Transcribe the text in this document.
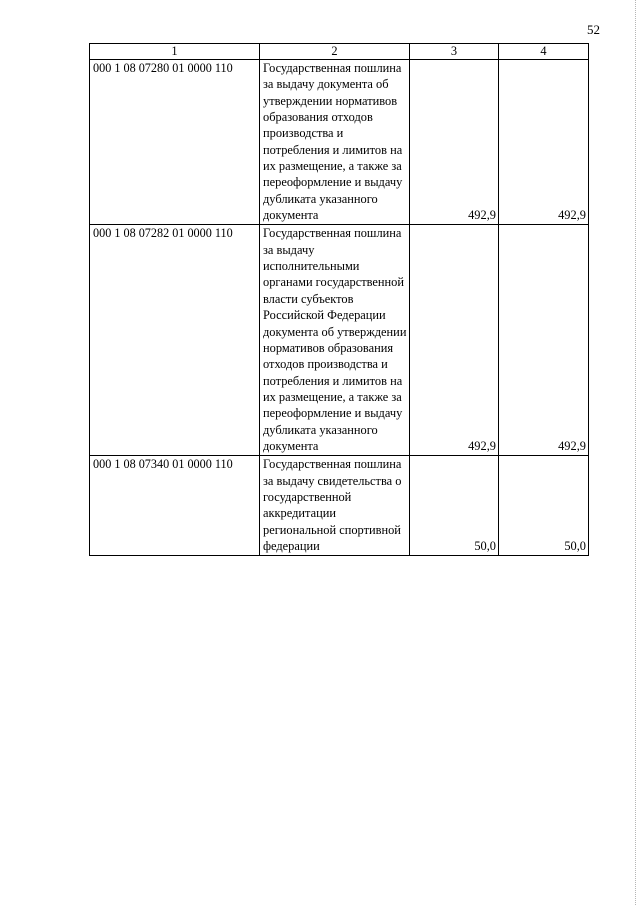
52
1	2	3	4
000 1 08 07280 01 0000 110	Государственная пошлина за выдачу документа об утверждении нормативов образования отходов производства и потребления и лимитов на их размещение, а также за переоформление и выдачу дубликата указанного документа	492,9	492,9
000 1 08 07282 01 0000 110	Государственная пошлина за выдачу исполнительными органами государственной власти субъектов Российской Федерации документа об утверждении нормативов образования отходов производства и потребления и лимитов на их размещение, а также за переоформление и выдачу дубликата указанного документа	492,9	492,9
000 1 08 07340 01 0000 110	Государственная пошлина за выдачу свидетельства о государственной аккредитации региональной спортивной федерации	50,0	50,0
